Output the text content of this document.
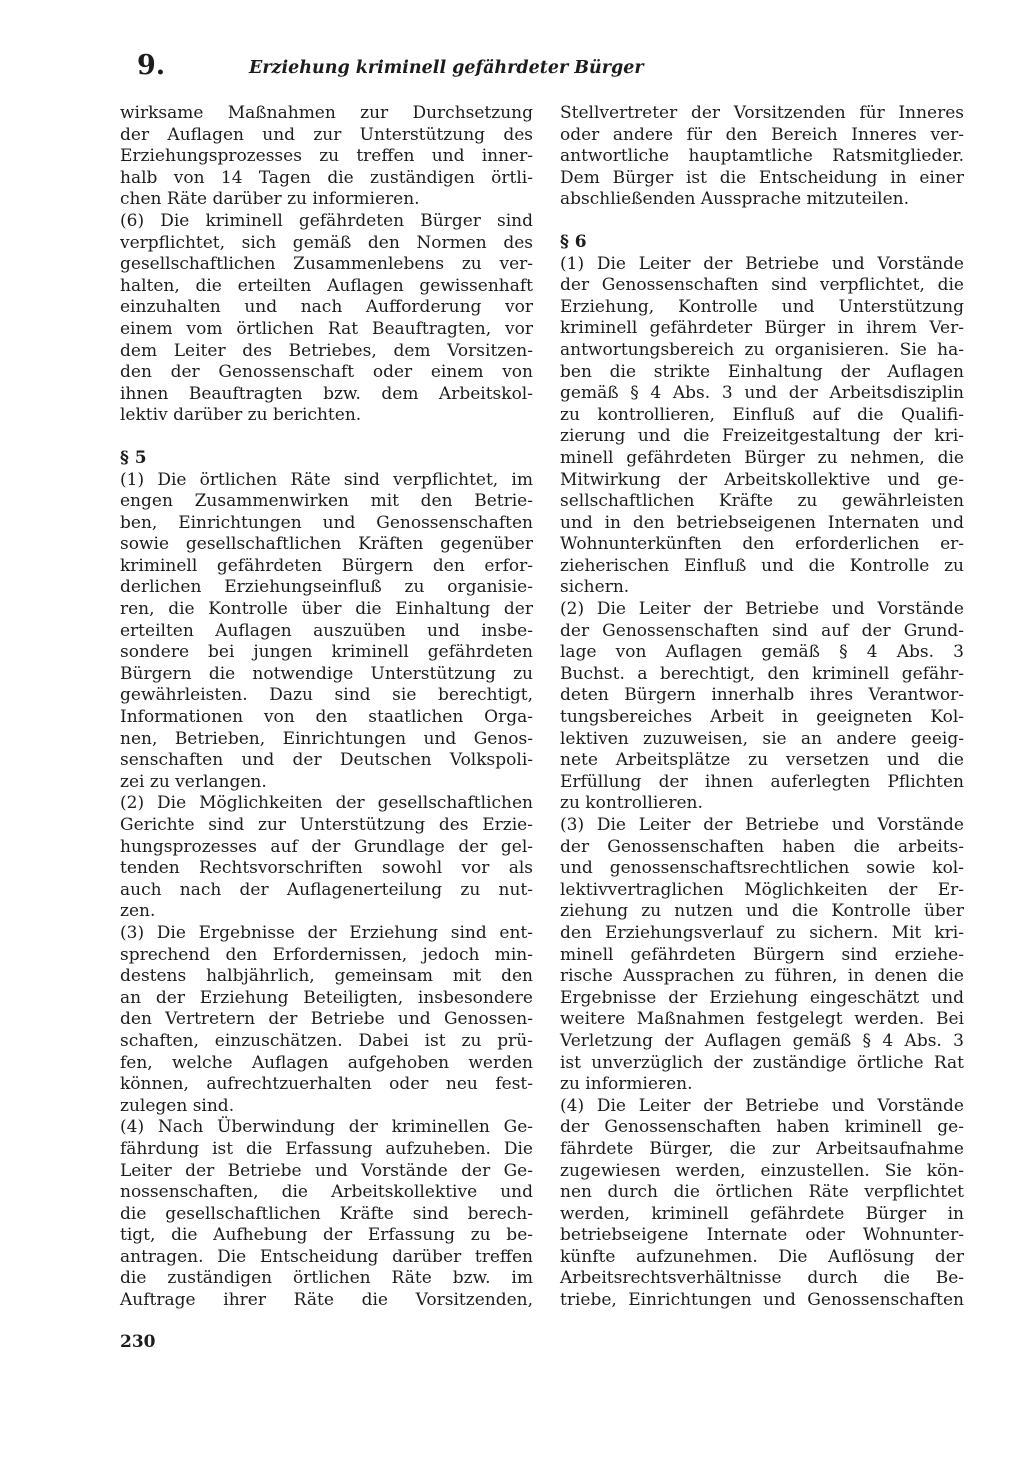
9.	Erziehung kriminell gefährdeter Bürger
wirksame Maßnahmen zur Durchsetzung
der Auflagen und zur Unterstützung des
Erziehungsprozesses zu treffen und inner-
halb von 14 Tagen die zuständigen örtli-
chen Räte darüber zu informieren.
(6) Die kriminell gefährdeten Bürger sind
verpflichtet, sich gemäß den Normen des
gesellschaftlichen Zusammenlebens zu ver-
halten, die erteilten Auflagen gewissenhaft
einzuhalten und nach Aufforderung vor
einem vom örtlichen Rat Beauftragten, vor
dem Leiter des Betriebes, dem Vorsitzen-
den der Genossenschaft oder einem von
ihnen Beauftragten bzw. dem Arbeitskol-
lektiv darüber zu berichten.
§ 5
(1) Die örtlichen Räte sind verpflichtet, im
engen Zusammenwirken mit den Betrie-
ben, Einrichtungen und Genossenschaften
sowie gesellschaftlichen Kräften gegenüber
kriminell gefährdeten Bürgern den erfor-
derlichen Erziehungseinfluß zu organisie-
ren, die Kontrolle über die Einhaltung der
erteilten Auflagen auszuüben und insbe-
sondere bei jungen kriminell gefährdeten
Bürgern die notwendige Unterstützung zu
gewährleisten. Dazu sind sie berechtigt,
Informationen von den staatlichen Orga-
nen, Betrieben, Einrichtungen und Genos-
senschaften und der Deutschen Volkspoli-
zei zu verlangen.
(2) Die Möglichkeiten der gesellschaftlichen
Gerichte sind zur Unterstützung des Erzie-
hungsprozesses auf der Grundlage der gel-
tenden Rechtsvorschriften sowohl vor als
auch nach der Auflagenerteilung zu nut-
zen.
(3) Die Ergebnisse der Erziehung sind ent-
sprechend den Erfordernissen, jedoch min-
destens halbjährlich, gemeinsam mit den
an der Erziehung Beteiligten, insbesondere
den Vertretern der Betriebe und Genossen-
schaften, einzuschätzen. Dabei ist zu prü-
fen, welche Auflagen aufgehoben werden
können, aufrechtzuerhalten oder neu fest-
zulegen sind.
(4) Nach Überwindung der kriminellen Ge-
fährdung ist die Erfassung aufzuheben. Die
Leiter der Betriebe und Vorstände der Ge-
nossenschaften, die Arbeitskollektive und
die gesellschaftlichen Kräfte sind berech-
tigt, die Aufhebung der Erfassung zu be-
antragen. Die Entscheidung darüber treffen
die zuständigen örtlichen Räte bzw. im
Auftrage ihrer Räte die Vorsitzenden,
Stellvertreter der Vorsitzenden für Inneres
oder andere für den Bereich Inneres ver-
antwortliche hauptamtliche Ratsmitglieder.
Dem Bürger ist die Entscheidung in einer
abschließenden Aussprache mitzuteilen.
§ 6
(1) Die Leiter der Betriebe und Vorstände
der Genossenschaften sind verpflichtet, die
Erziehung, Kontrolle und Unterstützung
kriminell gefährdeter Bürger in ihrem Ver-
antwortungsbereich zu organisieren. Sie ha-
ben die strikte Einhaltung der Auflagen
gemäß § 4 Abs. 3 und der Arbeitsdisziplin
zu kontrollieren, Einfluß auf die Qualifi-
zierung und die Freizeitgestaltung der kri-
minell gefährdeten Bürger zu nehmen, die
Mitwirkung der Arbeitskollektive und ge-
sellschaftlichen Kräfte zu gewährleisten
und in den betriebseigenen Internaten und
Wohnunterkünften den erforderlichen er-
zieherischen Einfluß und die Kontrolle zu
sichern.
(2) Die Leiter der Betriebe und Vorstände
der Genossenschaften sind auf der Grund-
lage von Auflagen gemäß § 4 Abs. 3
Buchst. a berechtigt, den kriminell gefähr-
deten Bürgern innerhalb ihres Verantwor-
tungsbereiches Arbeit in geeigneten Kol-
lektiven zuzuweisen, sie an andere geeig-
nete Arbeitsplätze zu versetzen und die
Erfüllung der ihnen auferlegten Pflichten
zu kontrollieren.
(3) Die Leiter der Betriebe und Vorstände
der Genossenschaften haben die arbeits-
und genossenschaftsrechtlichen sowie kol-
lektivvertraglichen Möglichkeiten der Er-
ziehung zu nutzen und die Kontrolle über
den Erziehungsverlauf zu sichern. Mit kri-
minell gefährdeten Bürgern sind erziehe-
rische Aussprachen zu führen, in denen die
Ergebnisse der Erziehung eingeschätzt und
weitere Maßnahmen festgelegt werden. Bei
Verletzung der Auflagen gemäß § 4 Abs. 3
ist unverzüglich der zuständige örtliche Rat
zu informieren.
(4) Die Leiter der Betriebe und Vorstände
der Genossenschaften haben kriminell ge-
fährdete Bürger, die zur Arbeitsaufnahme
zugewiesen werden, einzustellen. Sie kön-
nen durch die örtlichen Räte verpflichtet
werden, kriminell gefährdete Bürger in
betriebseigene Internate oder Wohnunter-
künfte aufzunehmen. Die Auflösung der
Arbeitsrechtsverhältnisse durch die Be-
triebe, Einrichtungen und Genossenschaften
230
